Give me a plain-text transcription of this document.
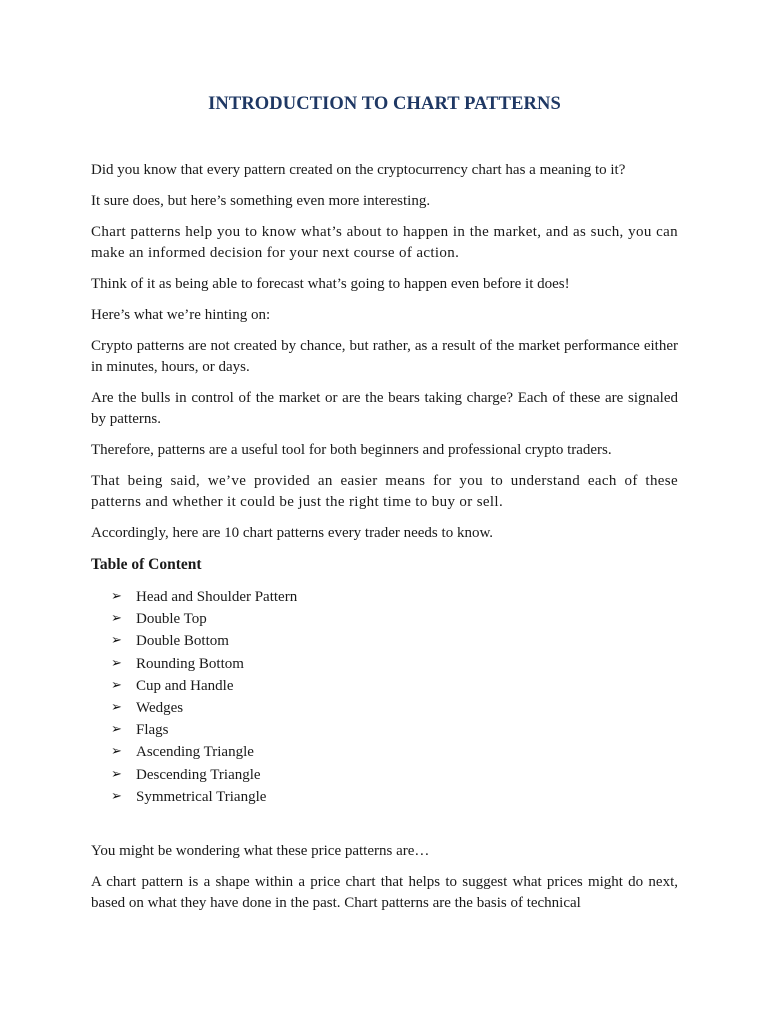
INTRODUCTION TO CHART PATTERNS

Did you know that every pattern created on the cryptocurrency chart has a meaning to it?

It sure does, but here’s something even more interesting.

Chart patterns help you to know what’s about to happen in the market, and as such, you can make an informed decision for your next course of action.

Think of it as being able to forecast what’s going to happen even before it does!

Here’s what we’re hinting on:

Crypto patterns are not created by chance, but rather, as a result of the market performance either in minutes, hours, or days.

Are the bulls in control of the market or are the bears taking charge? Each of these are signaled by patterns.

Therefore, patterns are a useful tool for both beginners and professional crypto traders.

That being said, we’ve provided an easier means for you to understand each of these patterns and whether it could be just the right time to buy or sell.

Accordingly, here are 10 chart patterns every trader needs to know.

Table of Content
➢ Head and Shoulder Pattern
➢ Double Top
➢ Double Bottom
➢ Rounding Bottom
➢ Cup and Handle
➢ Wedges
➢ Flags
➢ Ascending Triangle
➢ Descending Triangle
➢ Symmetrical Triangle

You might be wondering what these price patterns are…

A chart pattern is a shape within a price chart that helps to suggest what prices might do next, based on what they have done in the past. Chart patterns are the basis of technical
